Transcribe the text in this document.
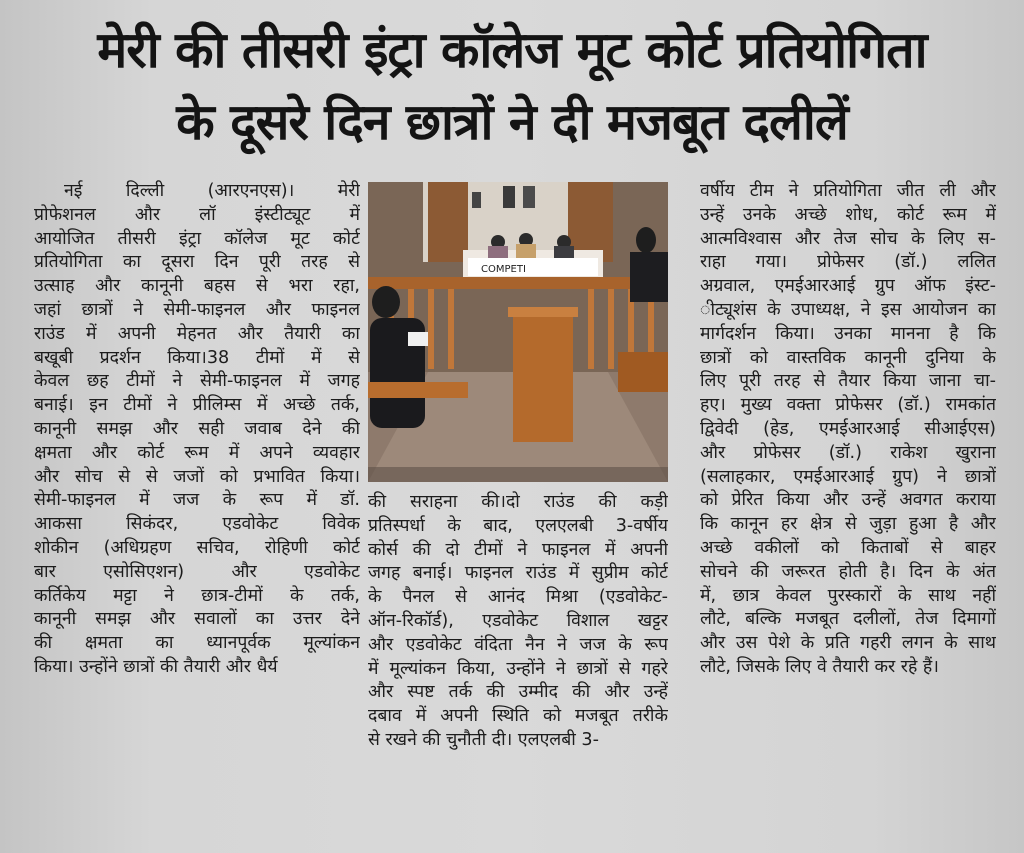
मेरी की तीसरी इंट्रा कॉलेज मूट कोर्ट प्रतियोगिता
के दूसरे दिन छात्रों ने दी मजबूत दलीलें
नई दिल्ली (आरएनएस)। मेरी
प्रोफेशनल और लॉ इंस्टीट्यूट में
आयोजित तीसरी इंट्रा कॉलेज मूट कोर्ट
प्रतियोगिता का दूसरा दिन पूरी तरह से
उत्साह और कानूनी बहस से भरा रहा,
जहां छात्रों ने सेमी-फाइनल और फाइनल
राउंड में अपनी मेहनत और तैयारी का
बखूबी प्रदर्शन किया।38 टीमों में से
केवल छह टीमों ने सेमी-फाइनल में जगह
बनाई। इन टीमों ने प्रीलिम्स में अच्छे तर्क,
कानूनी समझ और सही जवाब देने की
क्षमता और कोर्ट रूम में अपने व्यवहार
और सोच से से जजों को प्रभावित किया।
सेमी-फाइनल में जज के रूप में डॉ.
आकसा सिकंदर, एडवोकेट विवेक
शोकीन (अधिग्रहण सचिव, रोहिणी कोर्ट
बार एसोसिएशन) और एडवोकेट
कर्तिकेय मट्टा ने छात्र-टीमों के तर्क,
कानूनी समझ और सवालों का उत्तर देने
की क्षमता का ध्यानपूर्वक मूल्यांकन
किया। उन्होंने छात्रों की तैयारी और धैर्य
COMPETI
की सराहना की।दो राउंड की कड़ी
प्रतिस्पर्धा के बाद, एलएलबी 3-वर्षीय
कोर्स की दो टीमों ने फाइनल में अपनी
जगह बनाई। फाइनल राउंड में सुप्रीम कोर्ट
के पैनल से आनंद मिश्रा (एडवोकेट-
ऑन-रिकॉर्ड), एडवोकेट विशाल खट्टर
और एडवोकेट वंदिता नैन ने जज के रूप
में मूल्यांकन किया, उन्होंने ने छात्रों से गहरे
और स्पष्ट तर्क की उम्मीद की और उन्हें
दबाव में अपनी स्थिति को मजबूत तरीके
से रखने की चुनौती दी। एलएलबी 3-
वर्षीय टीम ने प्रतियोगिता जीत ली और
उन्हें उनके अच्छे शोध, कोर्ट रूम में
आत्मविश्वास और तेज सोच के लिए स-
राहा गया। प्रोफेसर (डॉ.) ललित
अग्रवाल, एमईआरआई ग्रुप ऑफ इंस्ट-
ीट्यूशंस के उपाध्यक्ष, ने इस आयोजन का
मार्गदर्शन किया। उनका मानना है कि
छात्रों को वास्तविक कानूनी दुनिया के
लिए पूरी तरह से तैयार किया जाना चा-
हए। मुख्य वक्ता प्रोफेसर (डॉ.) रामकांत
द्विवेदी (हेड, एमईआरआई सीआईएस)
और प्रोफेसर (डॉ.) राकेश खुराना
(सलाहकार, एमईआरआई ग्रुप) ने छात्रों
को प्रेरित किया और उन्हें अवगत कराया
कि कानून हर क्षेत्र से जुड़ा हुआ है और
अच्छे वकीलों को किताबों से बाहर
सोचने की जरूरत होती है। दिन के अंत
में, छात्र केवल पुरस्कारों के साथ नहीं
लौटे, बल्कि मजबूत दलीलों, तेज दिमागों
और उस पेशे के प्रति गहरी लगन के साथ
लौटे, जिसके लिए वे तैयारी कर रहे हैं।
